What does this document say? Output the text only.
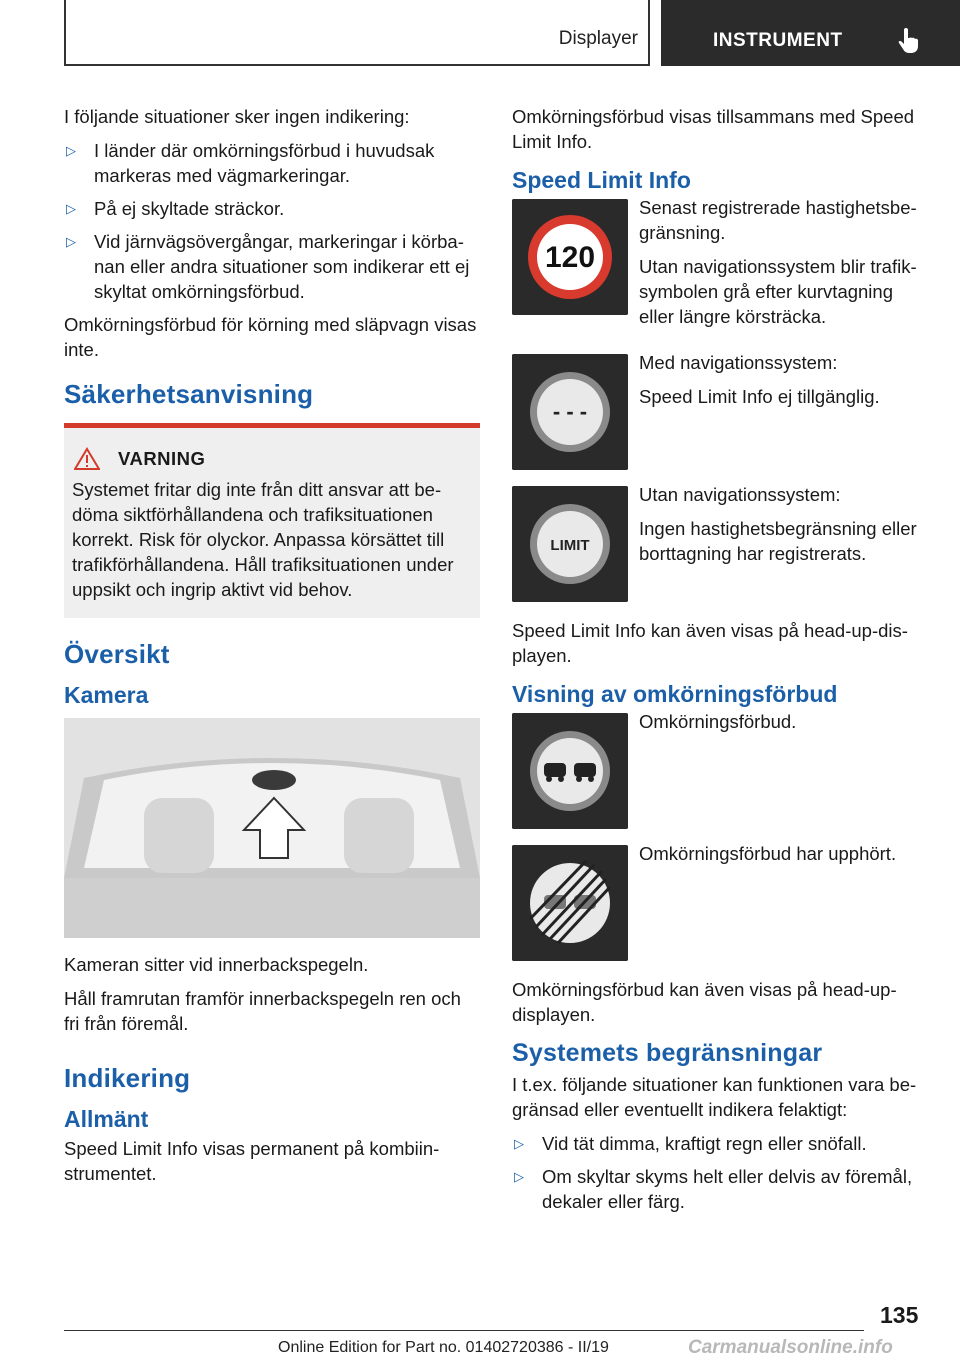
Displayer	INSTRUMENT

I följande situationer sker ingen indikering:

▷ I länder där omkörningsförbud i huvudsak markeras med vägmarkeringar.
▷ På ej skyltade sträckor.
▷ Vid järnvägsövergångar, markeringar i körbanan eller andra situationer som indikerar ett ej skyltat omkörningsförbud.

Omkörningsförbud för körning med släpvagn visas inte.

Säkerhetsanvisning
VARNING
Systemet fritar dig inte från ditt ansvar att bedöma siktförhållandena och trafiksituationen korrekt. Risk för olyckor. Anpassa körsättet till trafikförhållandena. Håll trafiksituationen under uppsikt och ingrip aktivt vid behov.
Översikt
Kamera

Kameran sitter vid innerbackspegeln.

Håll framrutan framför innerbackspegeln ren och fri från föremål.

Indikering
Allmänt

Speed Limit Info visas permanent på kombiinstrumentet.

Omkörningsförbud visas tillsammans med Speed Limit Info.

Speed Limit Info
120

Senast registrerade hastighetsbegränsning.

Utan navigationssystem blir trafiksymbolen grå efter kurvtagning eller längre körsträcka.

- - -

Med navigationssystem:

Speed Limit Info ej tillgänglig.

LIMIT

Utan navigationssystem:

Ingen hastighetsbegränsning eller borttagning har registrerats.

Speed Limit Info kan även visas på head-up-displayen.

Visning av omkörningsförbud

Omkörningsförbud.

Omkörningsförbud har upphört.

Omkörningsförbud kan även visas på head-up-displayen.

Systemets begränsningar

I t.ex. följande situationer kan funktionen vara begränsad eller eventuellt indikera felaktigt:

▷ Vid tät dimma, kraftigt regn eller snöfall.
▷ Om skyltar skyms helt eller delvis av föremål, dekaler eller färg.
135
Online Edition for Part no. 01402720386 - II/19	Carmanualsonline.info
